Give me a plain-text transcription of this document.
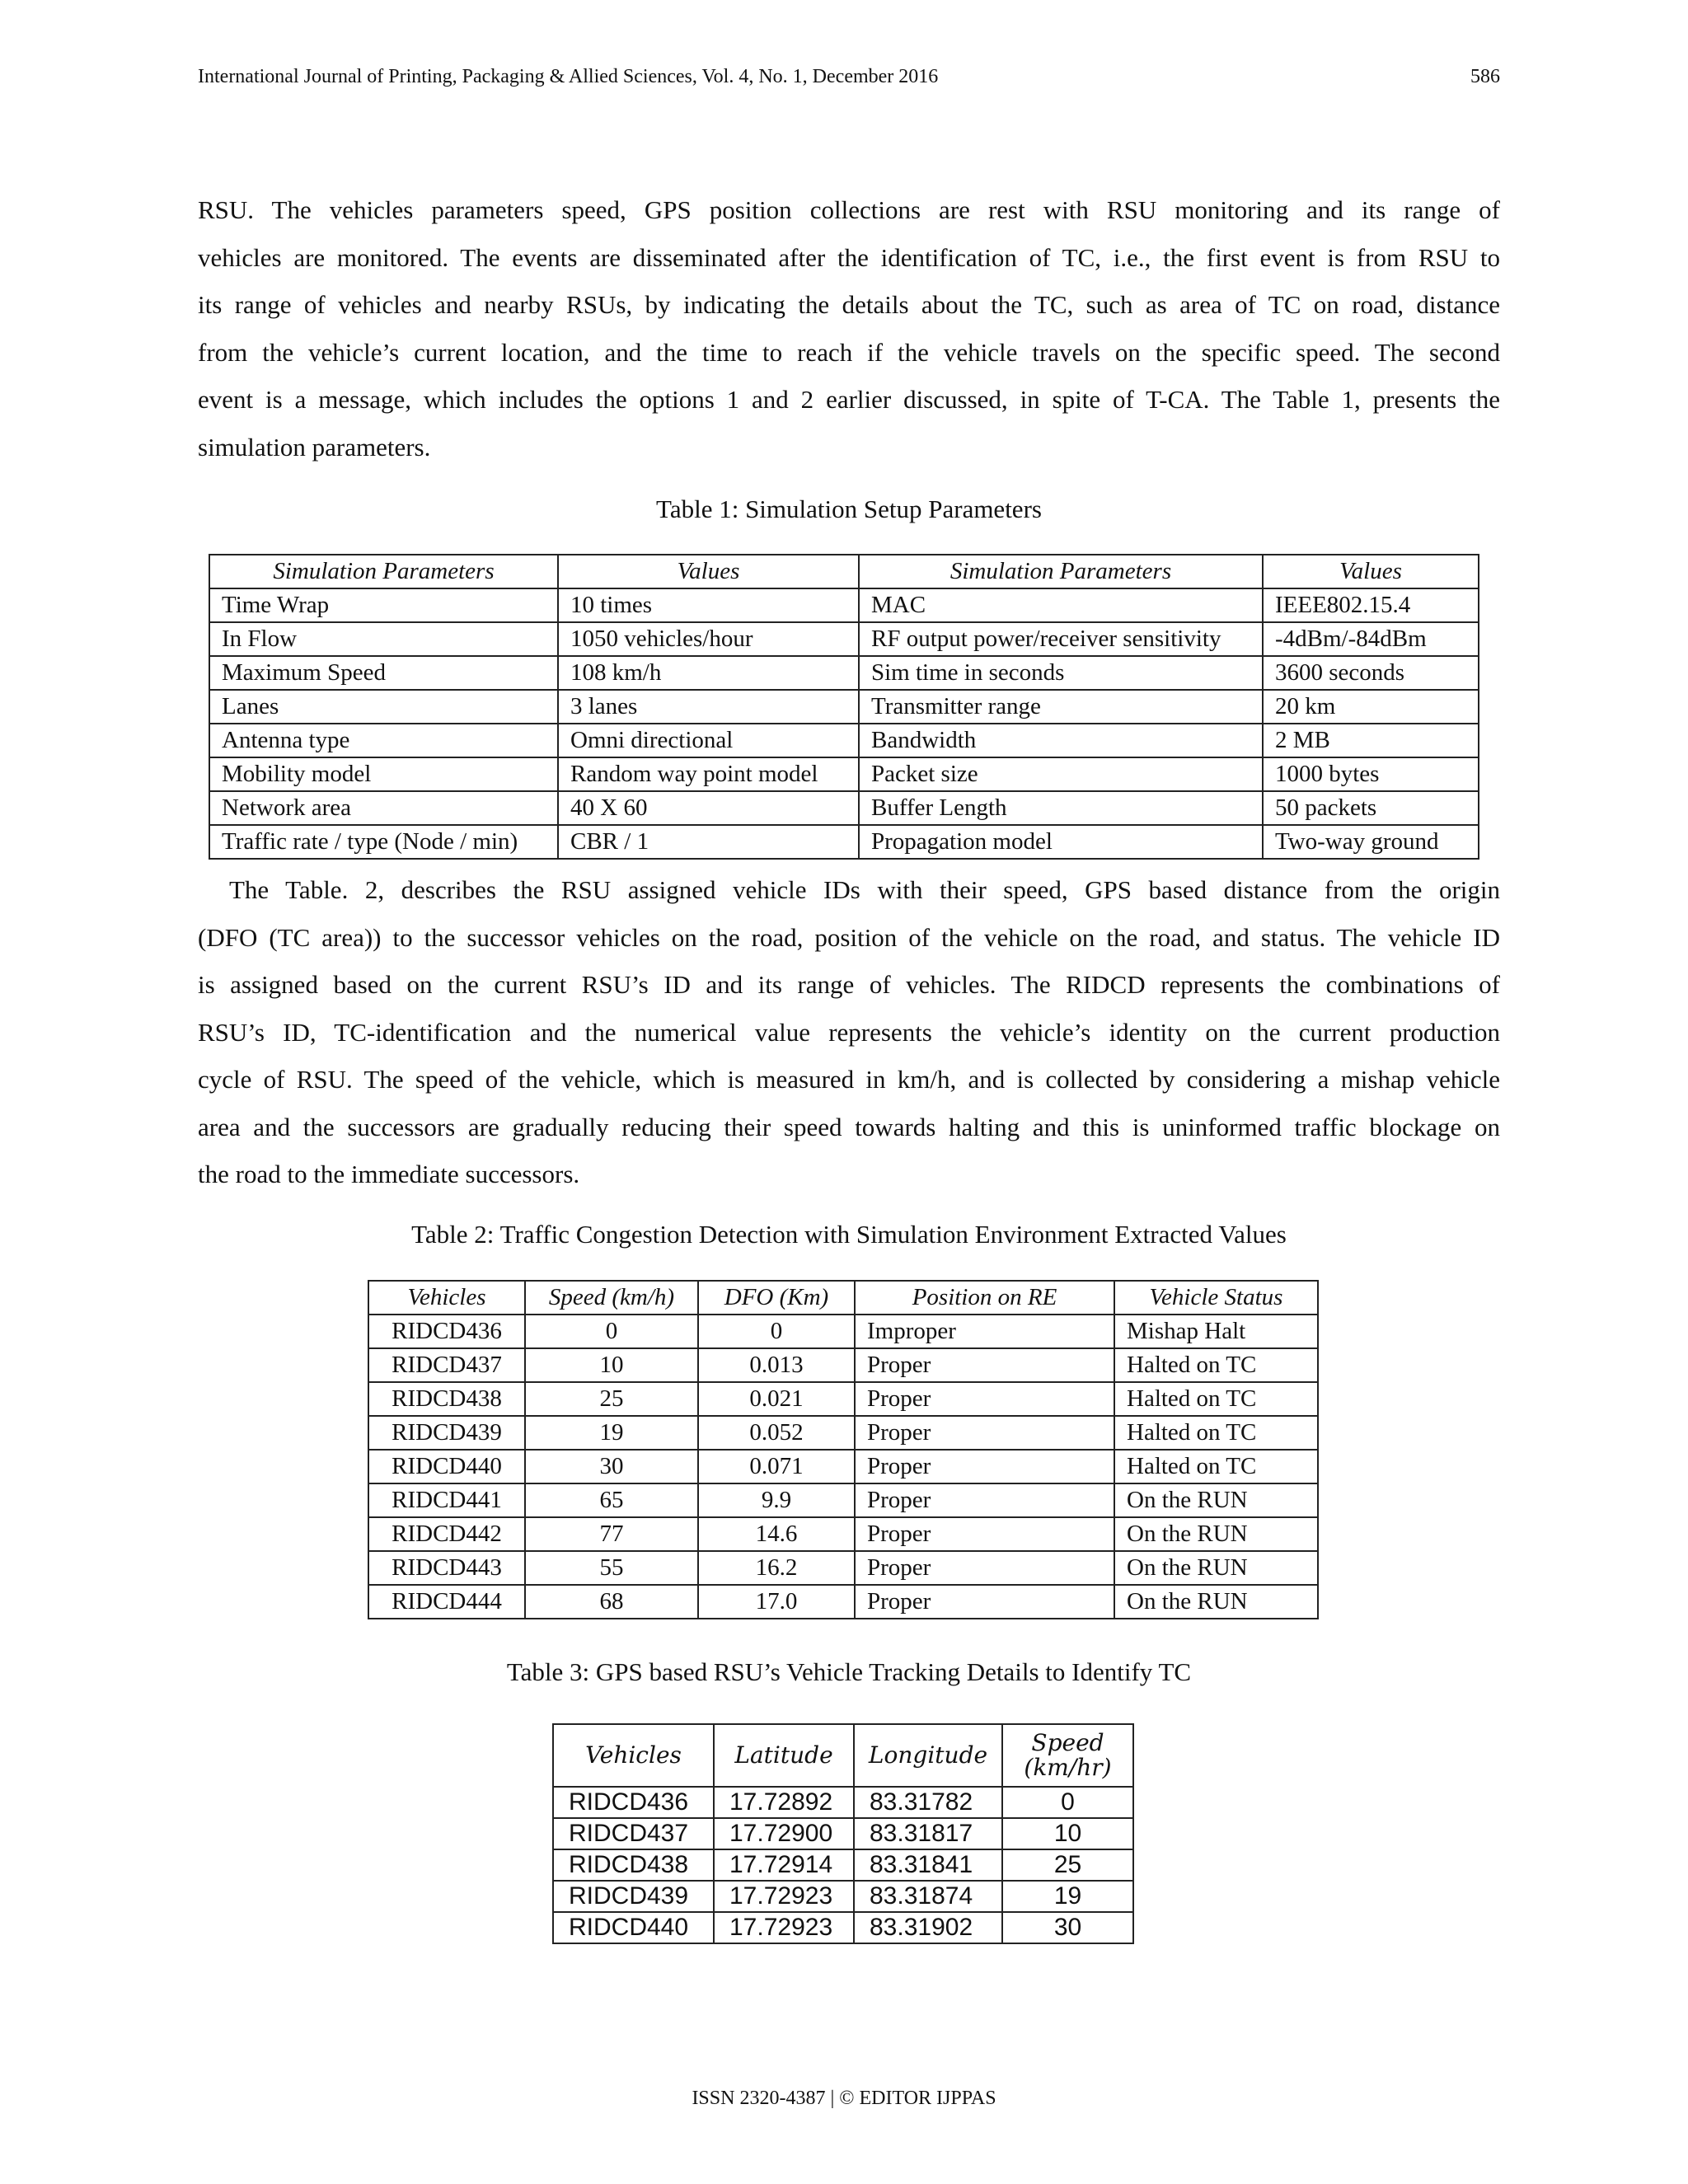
International Journal of Printing, Packaging & Allied Sciences, Vol. 4, No. 1, December 2016	586
RSU. The vehicles parameters speed, GPS position collections are rest with RSU monitoring and its range of
vehicles are monitored. The events are disseminated after the identification of TC, i.e., the first event is from RSU to
its range of vehicles and nearby RSUs, by indicating the details about the TC, such as area of TC on road, distance
from the vehicle’s current location, and the time to reach if the vehicle travels on the specific speed. The second
event is a message, which includes the options 1 and 2 earlier discussed, in spite of T-CA. The Table 1, presents the
simulation parameters.
Table 1: Simulation Setup Parameters
Simulation Parameters	Values	Simulation Parameters	Values
Time Wrap	10 times	MAC	IEEE802.15.4
In Flow	1050 vehicles/hour	RF output power/receiver sensitivity	-4dBm/-84dBm
Maximum Speed	108 km/h	Sim time in seconds	3600 seconds
Lanes	3 lanes	Transmitter range	20 km
Antenna type	Omni directional	Bandwidth	2 MB
Mobility model	Random way point model	Packet size	1000 bytes
Network area	40 X 60	Buffer Length	50 packets
Traffic rate / type (Node / min)	CBR / 1	Propagation model	Two-way ground
The Table. 2, describes the RSU assigned vehicle IDs with their speed, GPS based distance from the origin
(DFO (TC area)) to the successor vehicles on the road, position of the vehicle on the road, and status. The vehicle ID
is assigned based on the current RSU’s ID and its range of vehicles. The RIDCD represents the combinations of
RSU’s ID, TC-identification and the numerical value represents the vehicle’s identity on the current production
cycle of RSU. The speed of the vehicle, which is measured in km/h, and is collected by considering a mishap vehicle
area and the successors are gradually reducing their speed towards halting and this is uninformed traffic blockage on
the road to the immediate successors.
Table 2: Traffic Congestion Detection with Simulation Environment Extracted Values
Vehicles	Speed (km/h)	DFO (Km)	Position on RE	Vehicle Status
RIDCD436	0	0	Improper	Mishap Halt
RIDCD437	10	0.013	Proper	Halted on TC
RIDCD438	25	0.021	Proper	Halted on TC
RIDCD439	19	0.052	Proper	Halted on TC
RIDCD440	30	0.071	Proper	Halted on TC
RIDCD441	65	9.9	Proper	On the RUN
RIDCD442	77	14.6	Proper	On the RUN
RIDCD443	55	16.2	Proper	On the RUN
RIDCD444	68	17.0	Proper	On the RUN
Table 3: GPS based RSU’s Vehicle Tracking Details to Identify TC
Vehicles	Latitude	Longitude	Speed
(km/hr)
RIDCD436	17.72892	83.31782	0
RIDCD437	17.72900	83.31817	10
RIDCD438	17.72914	83.31841	25
RIDCD439	17.72923	83.31874	19
RIDCD440	17.72923	83.31902	30
ISSN 2320-4387 | © EDITOR IJPPAS
